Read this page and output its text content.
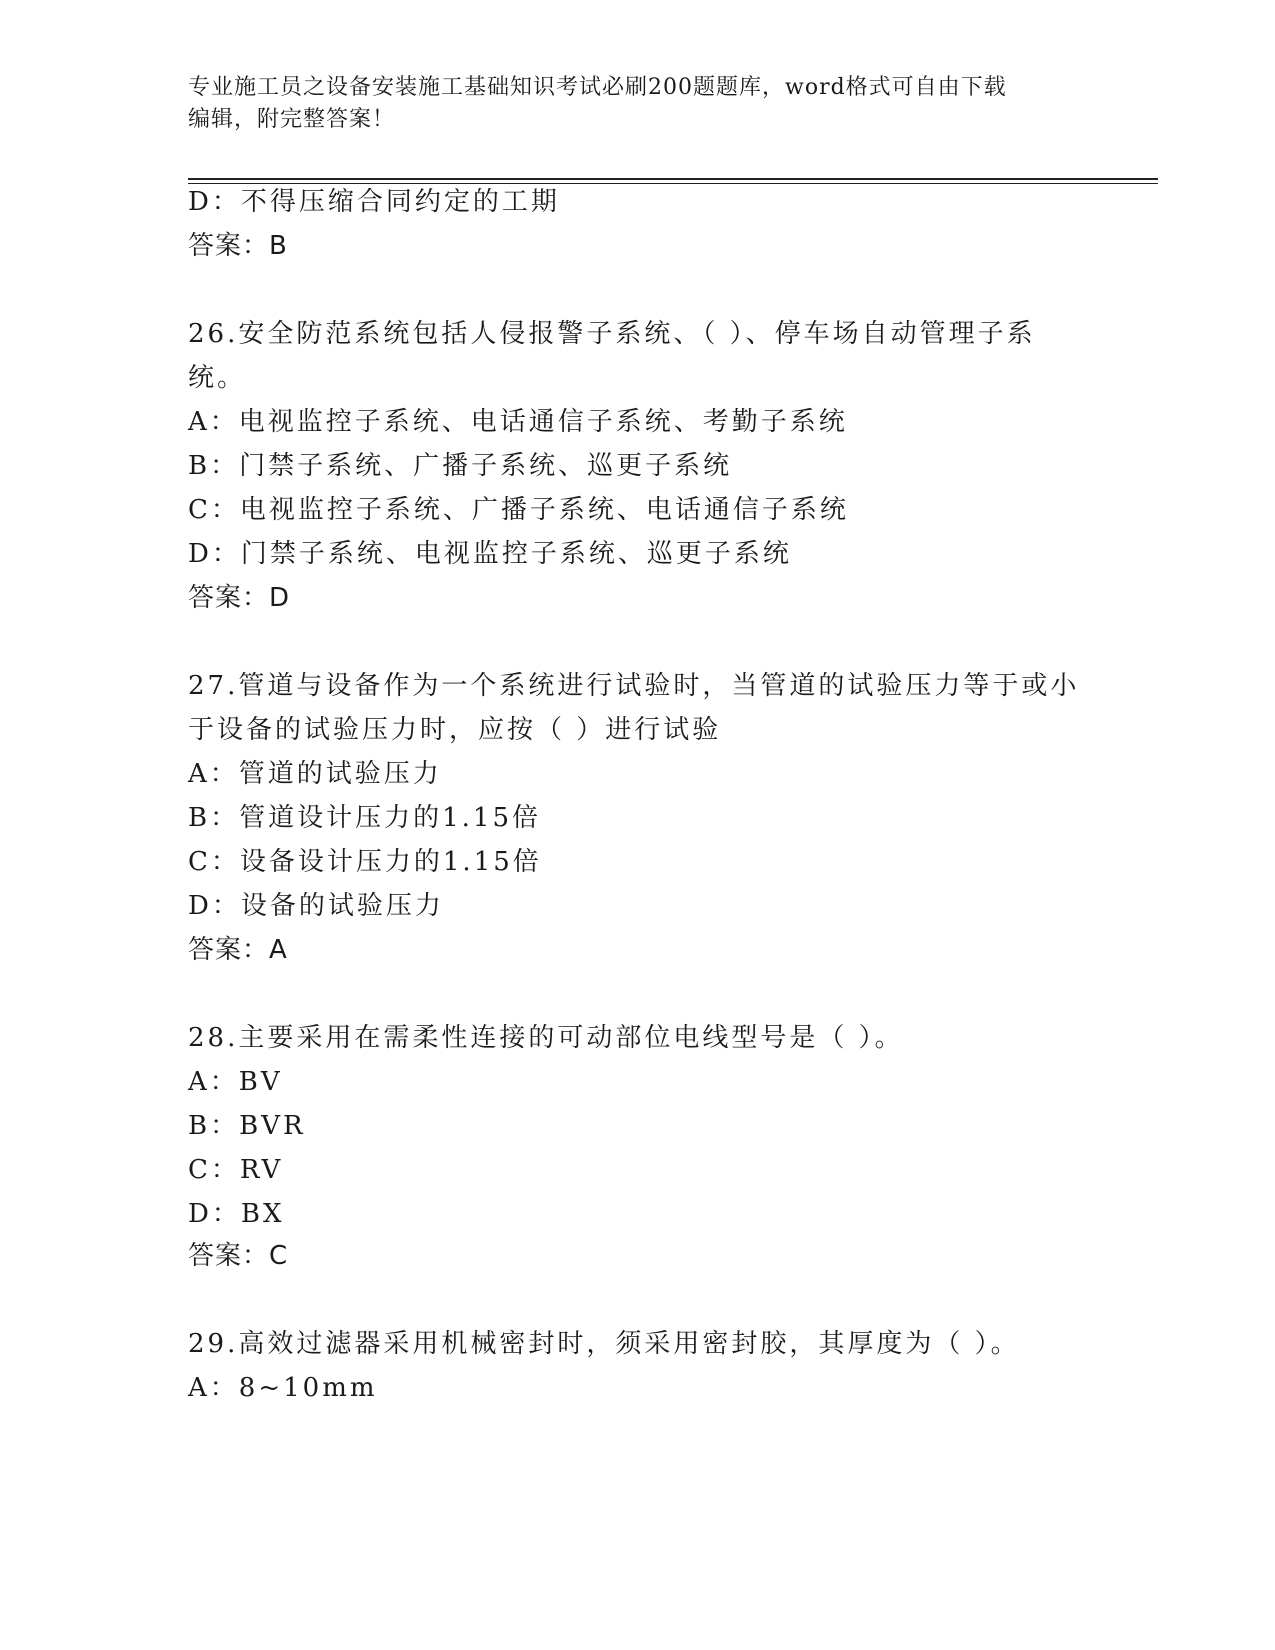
专业施工员之设备安装施工基础知识考试必刷200题题库，word格式可自由下载
编辑，附完整答案！
D：不得压缩合同约定的工期
答案：B
26.安全防范系统包括人侵报警子系统、（ ）、停车场自动管理子系
统。
A：电视监控子系统、电话通信子系统、考勤子系统
B：门禁子系统、广播子系统、巡更子系统
C：电视监控子系统、广播子系统、电话通信子系统
D：门禁子系统、电视监控子系统、巡更子系统
答案：D
27.管道与设备作为一个系统进行试验时，当管道的试验压力等于或小
于设备的试验压力时，应按（ ）进行试验
A：管道的试验压力
B：管道设计压力的1.15倍
C：设备设计压力的1.15倍
D：设备的试验压力
答案：A
28.主要采用在需柔性连接的可动部位电线型号是（ ）。
A：BV
B：BVR
C：RV
D：BX
答案：C
29.高效过滤器采用机械密封时，须采用密封胶，其厚度为（ ）。
A：8~10mm
